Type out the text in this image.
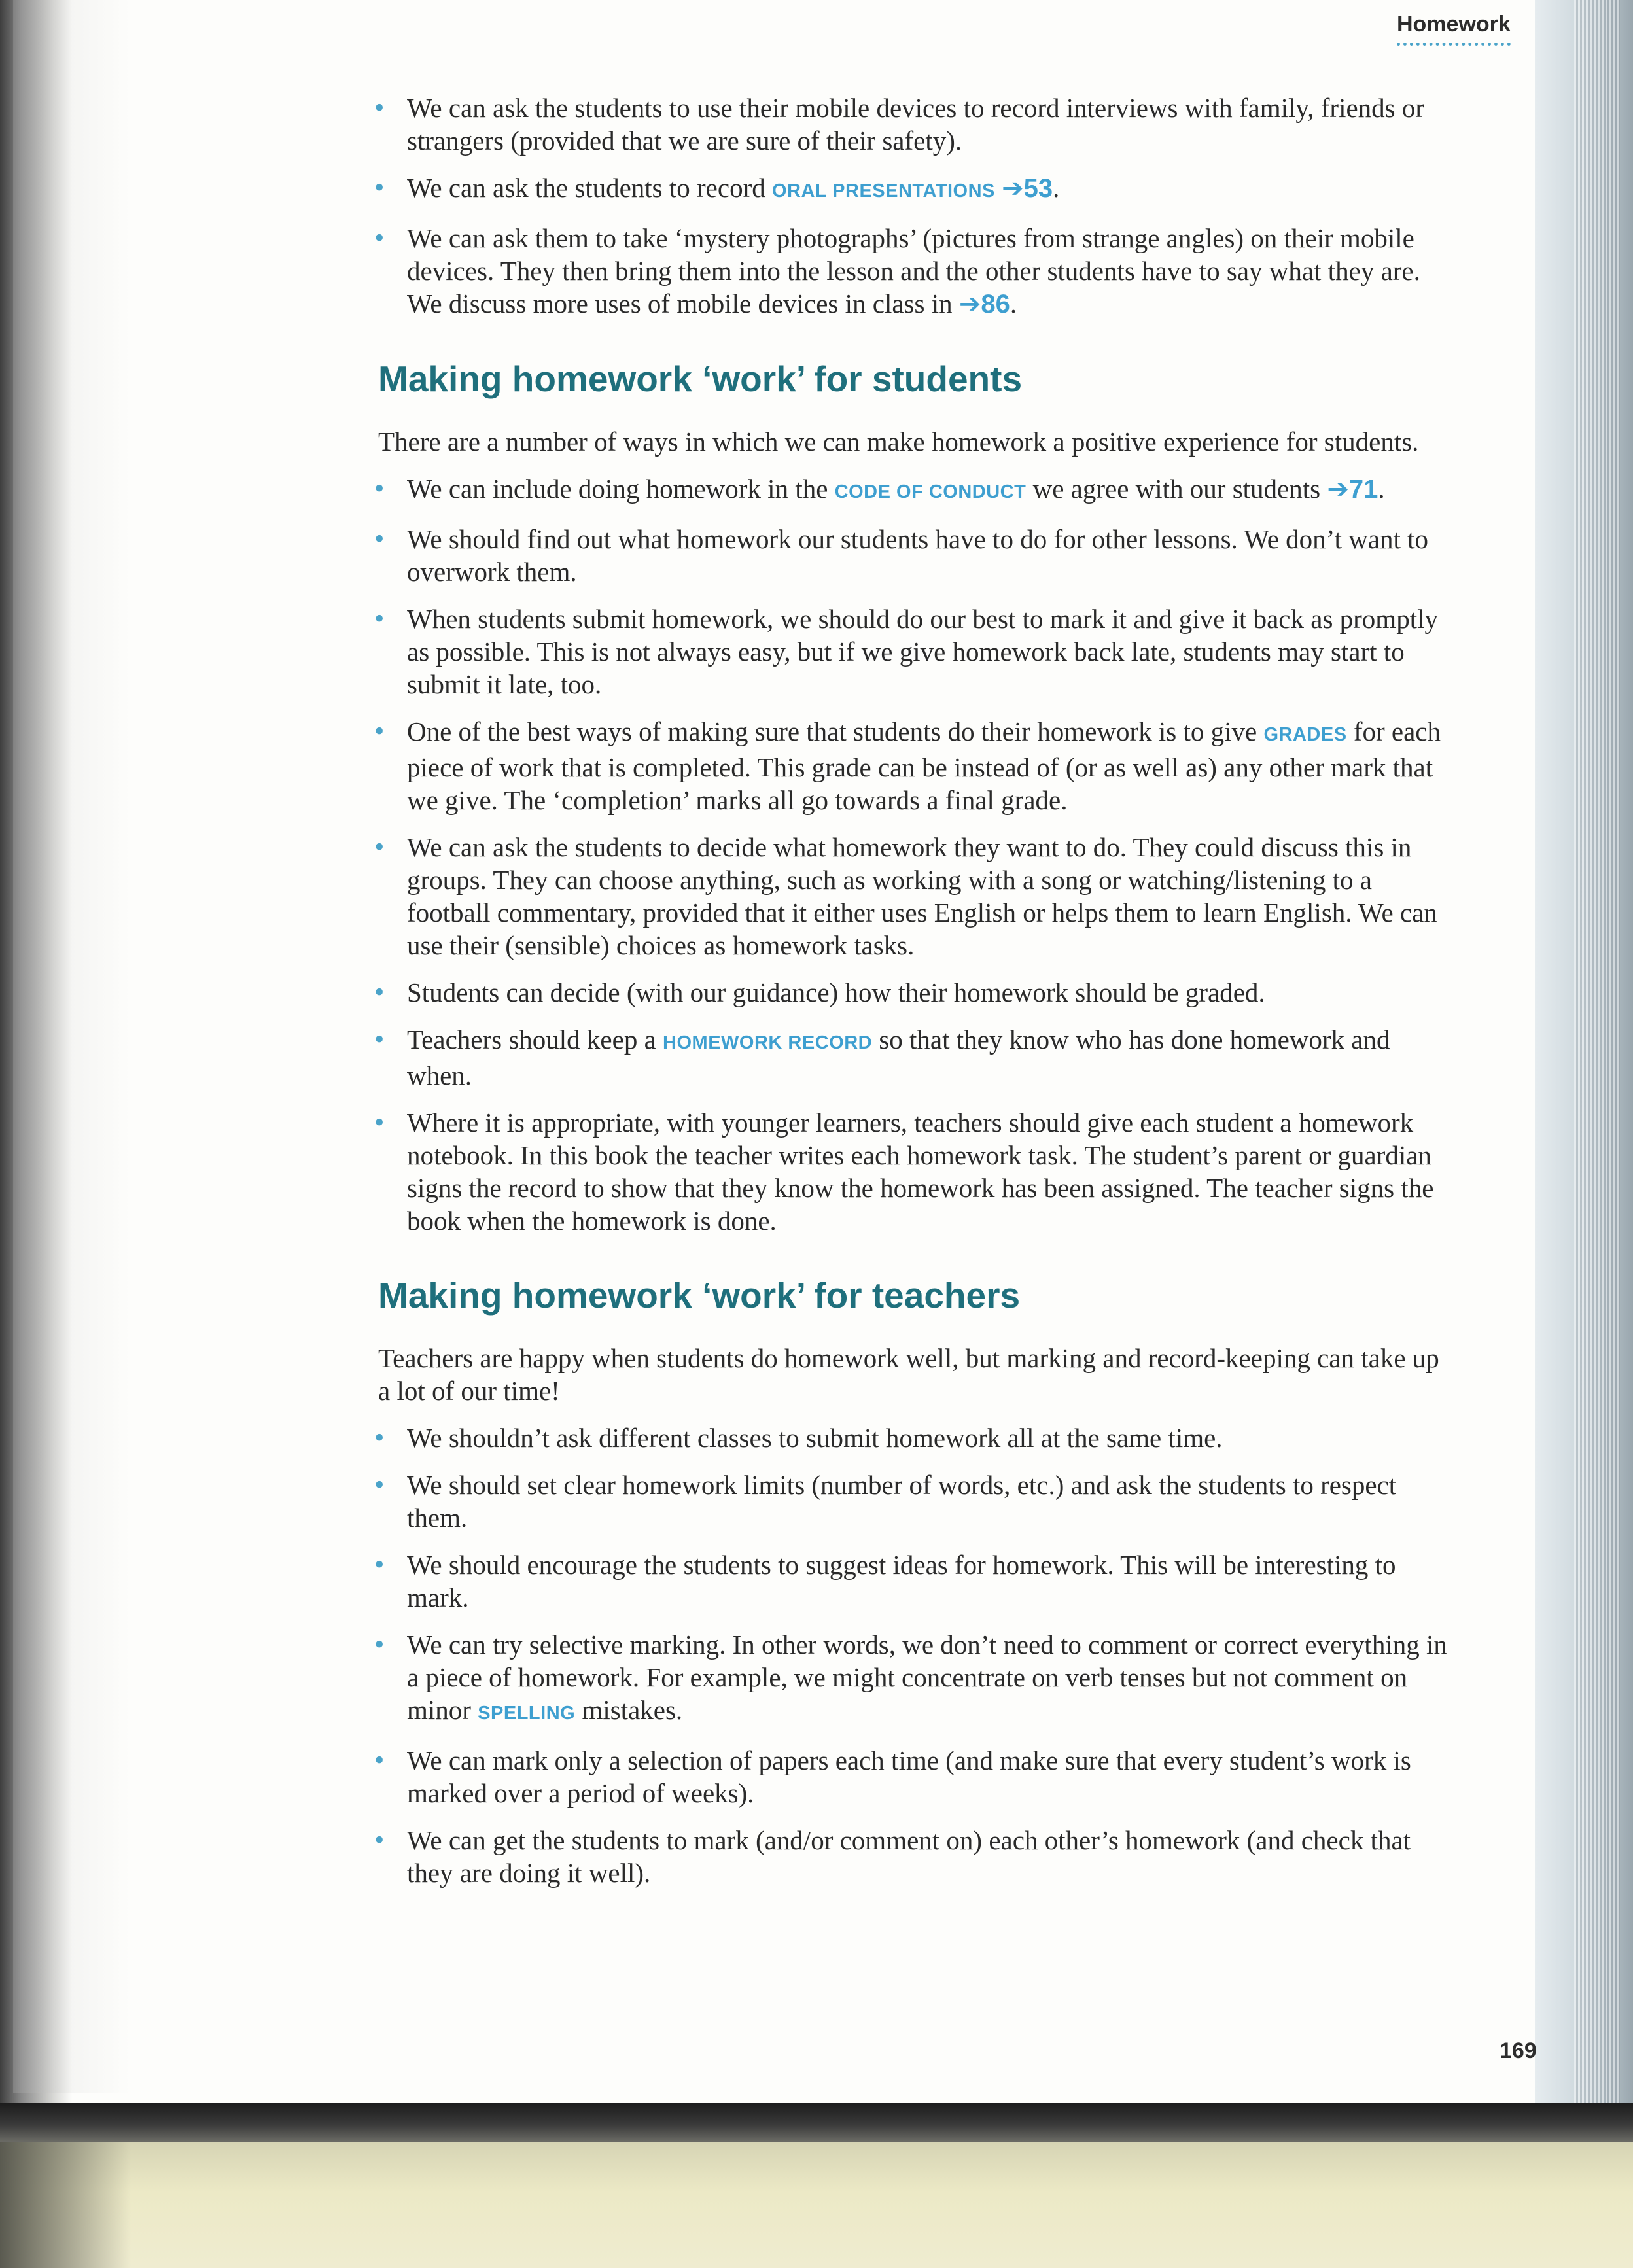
Homework
• We can ask the students to use their mobile devices to record interviews with family, friends or strangers (provided that we are sure of their safety).
• We can ask the students to record ORAL PRESENTATIONS ➔53.
• We can ask them to take ‘mystery photographs’ (pictures from strange angles) on their mobile devices. They then bring them into the lesson and the other students have to say what they are. We discuss more uses of mobile devices in class in ➔86.
Making homework ‘work’ for students

There are a number of ways in which we can make homework a positive experience for students.

• We can include doing homework in the CODE OF CONDUCT we agree with our students ➔71.
• We should find out what homework our students have to do for other lessons. We don’t want to overwork them.
• When students submit homework, we should do our best to mark it and give it back as promptly as possible. This is not always easy, but if we give homework back late, students may start to submit it late, too.
• One of the best ways of making sure that students do their homework is to give GRADES for each piece of work that is completed. This grade can be instead of (or as well as) any other mark that we give. The ‘completion’ marks all go towards a final grade.
• We can ask the students to decide what homework they want to do. They could discuss this in groups. They can choose anything, such as working with a song or watching/listening to a football commentary, provided that it either uses English or helps them to learn English. We can use their (sensible) choices as homework tasks.
• Students can decide (with our guidance) how their homework should be graded.
• Teachers should keep a HOMEWORK RECORD so that they know who has done homework and when.
• Where it is appropriate, with younger learners, teachers should give each student a homework notebook. In this book the teacher writes each homework task. The student’s parent or guardian signs the record to show that they know the homework has been assigned. The teacher signs the book when the homework is done.
Making homework ‘work’ for teachers

Teachers are happy when students do homework well, but marking and record-keeping can take up a lot of our time!

• We shouldn’t ask different classes to submit homework all at the same time.
• We should set clear homework limits (number of words, etc.) and ask the students to respect them.
• We should encourage the students to suggest ideas for homework. This will be interesting to mark.
• We can try selective marking. In other words, we don’t need to comment or correct everything in a piece of homework. For example, we might concentrate on verb tenses but not comment on minor SPELLING mistakes.
• We can mark only a selection of papers each time (and make sure that every student’s work is marked over a period of weeks).
• We can get the students to mark (and/or comment on) each other’s homework (and check that they are doing it well).
169
